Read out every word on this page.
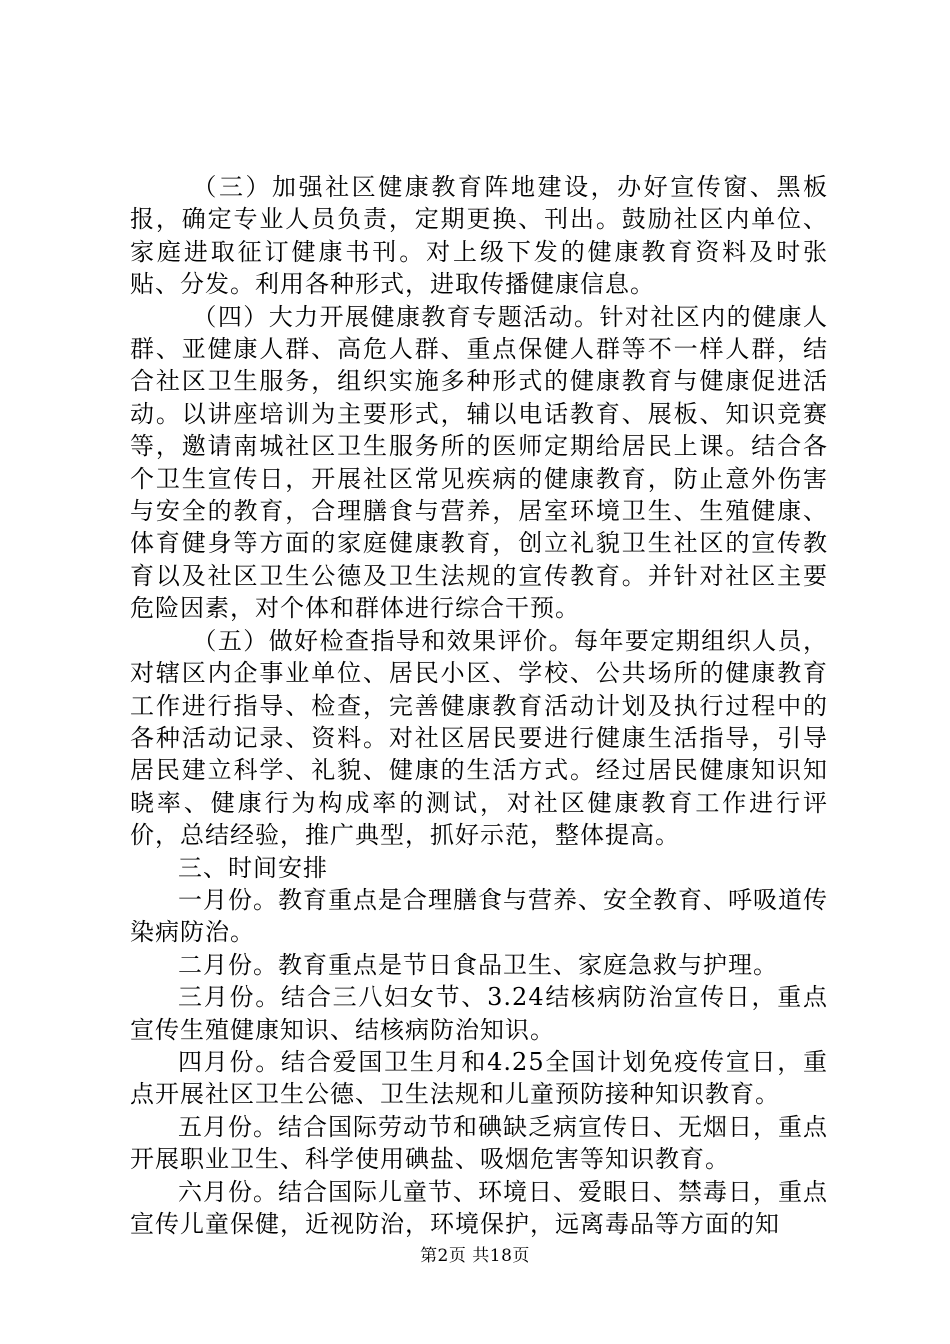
（三）加强社区健康教育阵地建设，办好宣传窗、黑板报，确定专业人员负责，定期更换、刊出。鼓励社区内单位、家庭进取征订健康书刊。对上级下发的健康教育资料及时张贴、分发。利用各种形式，进取传播健康信息。

（四）大力开展健康教育专题活动。针对社区内的健康人群、亚健康人群、高危人群、重点保健人群等不一样人群，结合社区卫生服务，组织实施多种形式的健康教育与健康促进活动。以讲座培训为主要形式，辅以电话教育、展板、知识竞赛等，邀请南城社区卫生服务所的医师定期给居民上课。结合各个卫生宣传日，开展社区常见疾病的健康教育，防止意外伤害与安全的教育，合理膳食与营养，居室环境卫生、生殖健康、体育健身等方面的家庭健康教育，创立礼貌卫生社区的宣传教育以及社区卫生公德及卫生法规的宣传教育。并针对社区主要危险因素，对个体和群体进行综合干预。

（五）做好检查指导和效果评价。每年要定期组织人员，对辖区内企事业单位、居民小区、学校、公共场所的健康教育工作进行指导、检查，完善健康教育活动计划及执行过程中的各种活动记录、资料。对社区居民要进行健康生活指导，引导居民建立科学、礼貌、健康的生活方式。经过居民健康知识知晓率、健康行为构成率的测试，对社区健康教育工作进行评价，总结经验，推广典型，抓好示范，整体提高。

三、时间安排

一月份。教育重点是合理膳食与营养、安全教育、呼吸道传染病防治。

二月份。教育重点是节日食品卫生、家庭急救与护理。

三月份。结合三八妇女节、3.24结核病防治宣传日，重点宣传生殖健康知识、结核病防治知识。

四月份。结合爱国卫生月和4.25全国计划免疫传宣日，重点开展社区卫生公德、卫生法规和儿童预防接种知识教育。

五月份。结合国际劳动节和碘缺乏病宣传日、无烟日，重点开展职业卫生、科学使用碘盐、吸烟危害等知识教育。

六月份。结合国际儿童节、环境日、爱眼日、禁毒日，重点宣传儿童保健，近视防治，环境保护，远离毒品等方面的知

第2页 共18页
